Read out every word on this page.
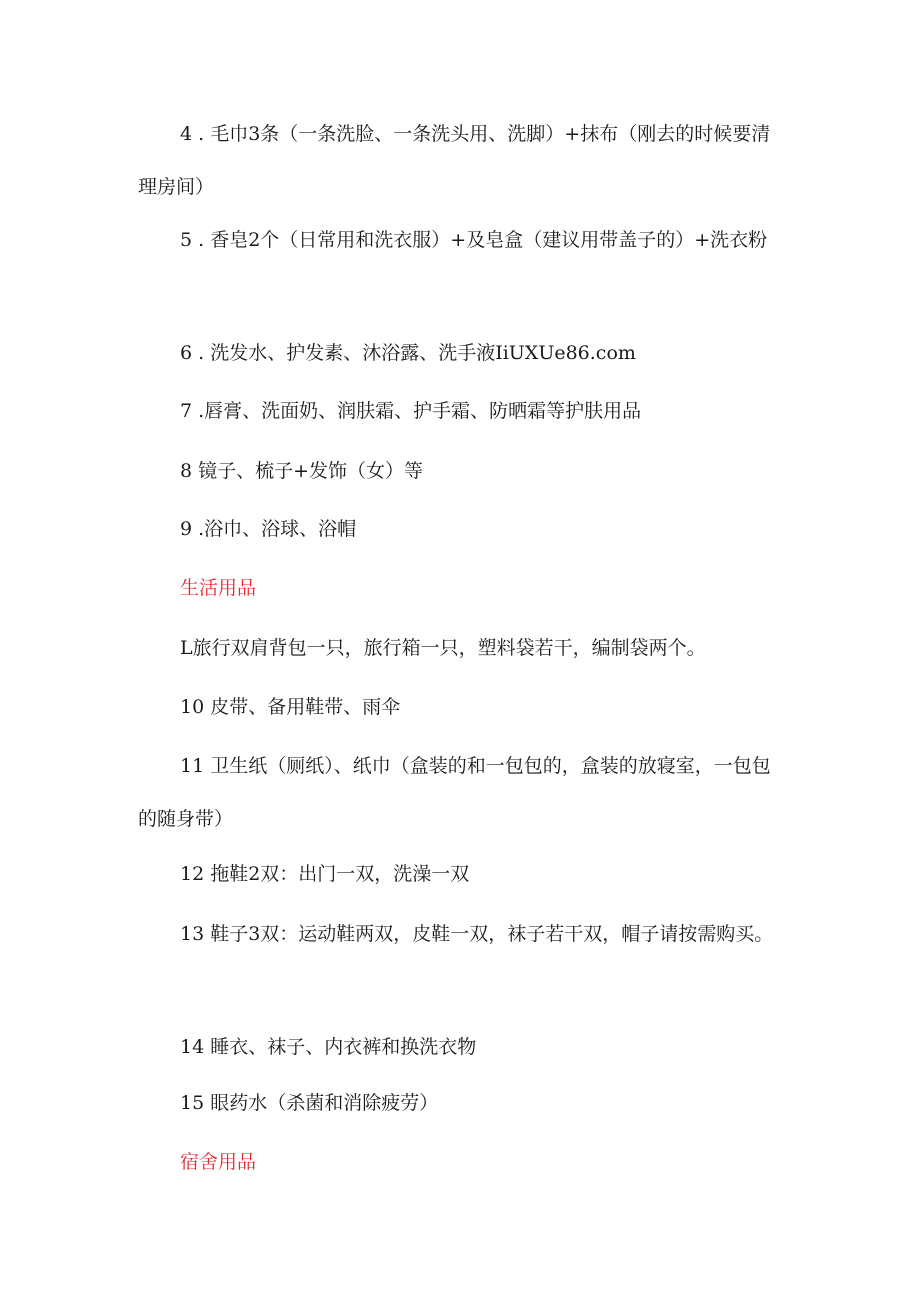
4 . 毛巾3条（一条洗脸、一条洗头用、洗脚）+抹布（刚去的时候要清理房间）

5 . 香皂2个（日常用和洗衣服）+及皂盒（建议用带盖子的）+洗衣粉

6 . 洗发水、护发素、沐浴露、洗手液IiUXUe86.com

7 .唇膏、洗面奶、润肤霜、护手霜、防晒霜等护肤用品

8 镜子、梳子+发饰（女）等

9 .浴巾、浴球、浴帽

生活用品

L旅行双肩背包一只，旅行箱一只，塑料袋若干，编制袋两个。

10 皮带、备用鞋带、雨伞

11 卫生纸（厕纸）、纸巾（盒装的和一包包的，盒装的放寝室，一包包的随身带）

12 拖鞋2双：出门一双，洗澡一双

13 鞋子3双：运动鞋两双，皮鞋一双，袜子若干双，帽子请按需购买。

14 睡衣、袜子、内衣裤和换洗衣物

15 眼药水（杀菌和消除疲劳）

宿舍用品
